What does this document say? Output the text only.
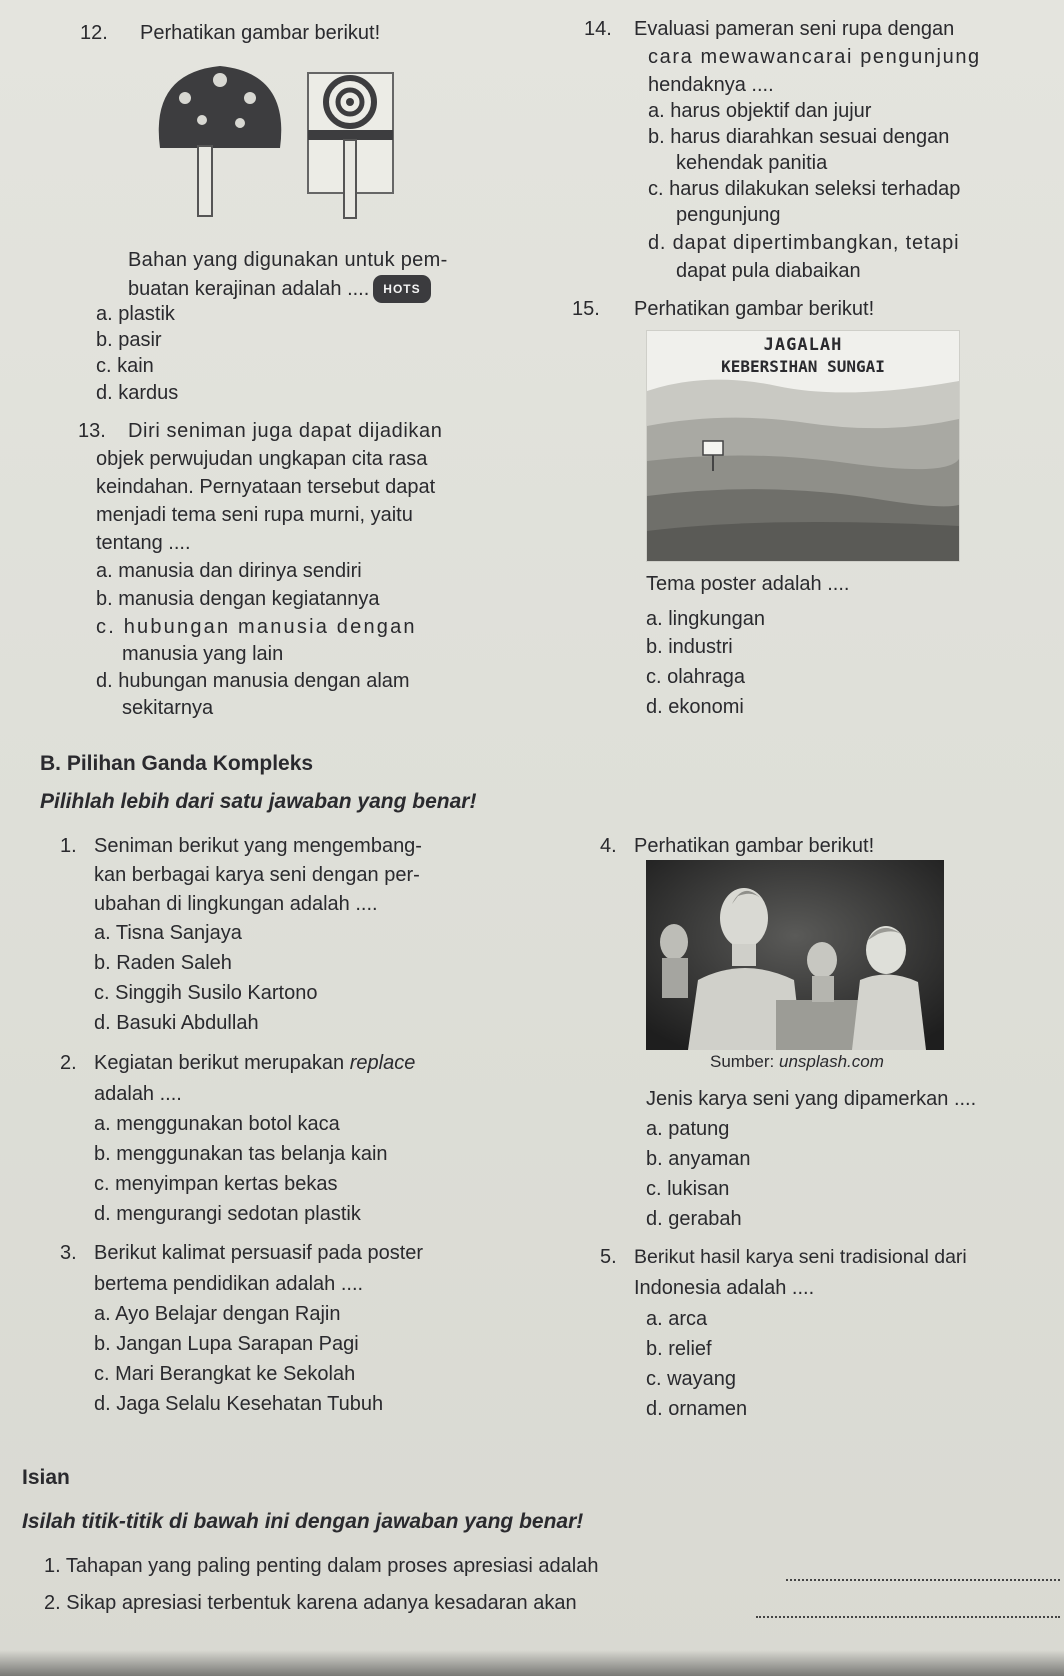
12. Perhatikan gambar berikut!
Bahan yang digunakan untuk pem-
buatan kerajinan adalah .... HOTS
a. plastik
b. pasir
c. kain
d. kardus
13. Diri seniman juga dapat dijadikan
objek perwujudan ungkapan cita rasa
keindahan. Pernyataan tersebut dapat
menjadi tema seni rupa murni, yaitu
tentang ....
a. manusia dan dirinya sendiri
b. manusia dengan kegiatannya
c. hubungan manusia dengan
manusia yang lain
d. hubungan manusia dengan alam
sekitarnya
14. Evaluasi pameran seni rupa dengan
cara mewawancarai pengunjung
hendaknya ....
a. harus objektif dan jujur
b. harus diarahkan sesuai dengan
kehendak panitia
c. harus dilakukan seleksi terhadap
pengunjung
d. dapat dipertimbangkan, tetapi
dapat pula diabaikan
15. Perhatikan gambar berikut!
JAGALAH
KEBERSIHAN SUNGAI
Tema poster adalah ....
a. lingkungan
b. industri
c. olahraga
d. ekonomi
B. Pilihan Ganda Kompleks
Pilihlah lebih dari satu jawaban yang benar!
1. Seniman berikut yang mengembang-
kan berbagai karya seni dengan per-
ubahan di lingkungan adalah ....
a. Tisna Sanjaya
b. Raden Saleh
c. Singgih Susilo Kartono
d. Basuki Abdullah
2. Kegiatan berikut merupakan replace
adalah ....
a. menggunakan botol kaca
b. menggunakan tas belanja kain
c. menyimpan kertas bekas
d. mengurangi sedotan plastik
3. Berikut kalimat persuasif pada poster
bertema pendidikan adalah ....
a. Ayo Belajar dengan Rajin
b. Jangan Lupa Sarapan Pagi
c. Mari Berangkat ke Sekolah
d. Jaga Selalu Kesehatan Tubuh
4. Perhatikan gambar berikut!
Sumber: unsplash.com
Jenis karya seni yang dipamerkan ....
a. patung
b. anyaman
c. lukisan
d. gerabah
5. Berikut hasil karya seni tradisional dari
Indonesia adalah ....
a. arca
b. relief
c. wayang
d. ornamen
Isian
Isilah titik-titik di bawah ini dengan jawaban yang benar!
1. Tahapan yang paling penting dalam proses apresiasi adalah
2. Sikap apresiasi terbentuk karena adanya kesadaran akan
